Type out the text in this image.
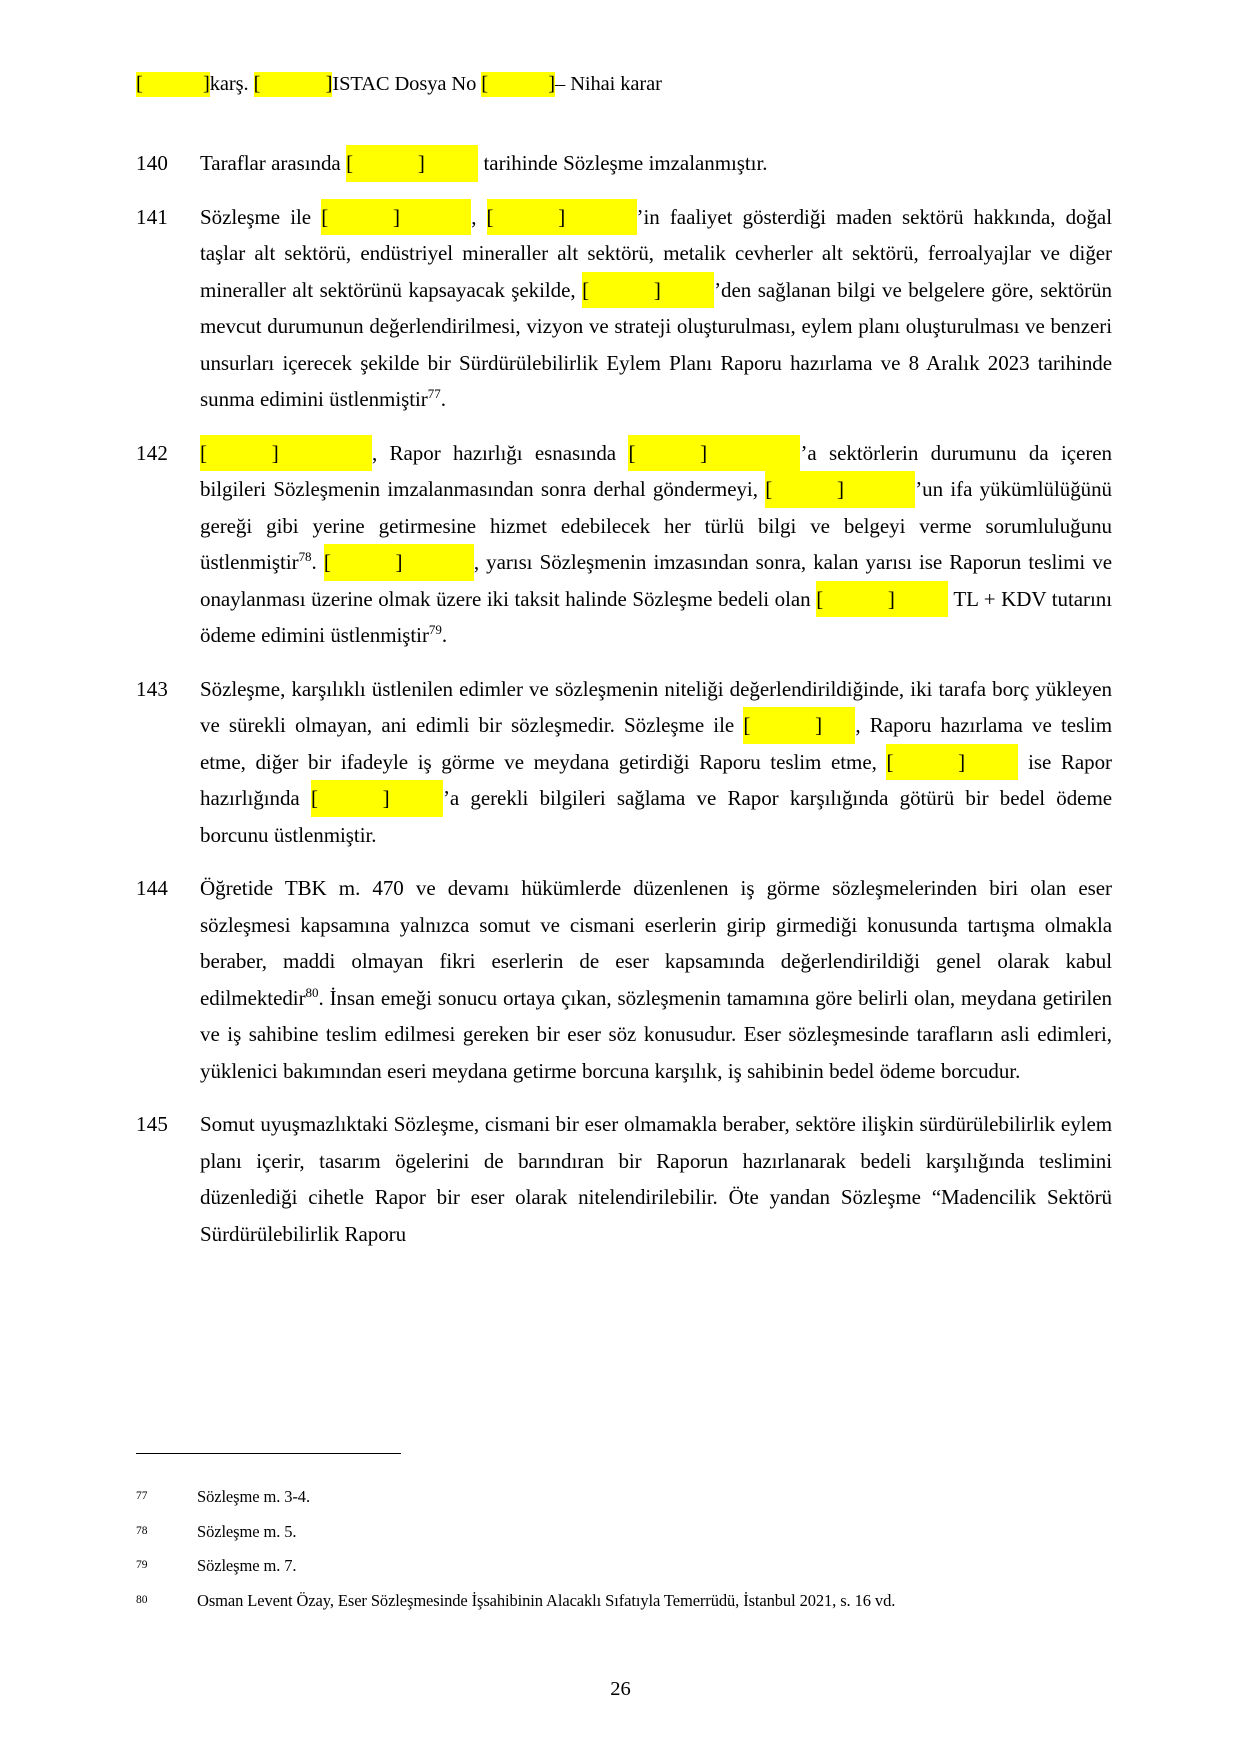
[            ]karş. [             ]ISTAC Dosya No [            ]– Nihai karar
140	Taraflar arasında [            ]	tarihinde Sözleşme imzalanmıştır.
141	Sözleşme ile [            ]	, [            ]	’in faaliyet gösterdiği maden sektörü hakkında, doğal taşlar alt sektörü, endüstriyel mineraller alt sektörü, metalik cevherler alt sektörü, ferroalyajlar ve diğer mineraller alt sektörünü kapsayacak şekilde, [            ]	’den sağlanan bilgi ve belgelere göre, sektörün mevcut durumunun değerlendirilmesi, vizyon ve strateji oluşturulması, eylem planı oluşturulması ve benzeri unsurları içerecek şekilde bir Sürdürülebilirlik Eylem Planı Raporu hazırlama ve 8 Aralık 2023 tarihinde sunma edimini üstlenmiştir$^{77}$.
142	[            ]	, Rapor hazırlığı esnasında [            ]	’a sektörlerin durumunu da içeren bilgileri Sözleşmenin imzalanmasından sonra derhal göndermeyi, [            ]	’un ifa yükümlülüğünü gereği gibi yerine getirmesine hizmet edebilecek her türlü bilgi ve belgeyi verme sorumluluğunu üstlenmiştir$^{78}$. [            ]	, yarısı Sözleşmenin imzasından sonra, kalan yarısı ise Raporun teslimi ve onaylanması üzerine olmak üzere iki taksit halinde Sözleşme bedeli olan [            ]	TL + KDV tutarını ödeme edimini üstlenmiştir$^{79}$.
143	Sözleşme, karşılıklı üstlenilen edimler ve sözleşmenin niteliği değerlendirildiğinde, iki tarafa borç yükleyen ve sürekli olmayan, ani edimli bir sözleşmedir. Sözleşme ile [            ] , Raporu hazırlama ve teslim etme, diğer bir ifadeyle iş görme ve meydana getirdiği Raporu teslim etme, [            ]	ise Rapor hazırlığında [            ]	’a gerekli bilgileri sağlama ve Rapor karşılığında götürü bir bedel ödeme borcunu üstlenmiştir.
144	Öğretide TBK m. 470 ve devamı hükümlerde düzenlenen iş görme sözleşmelerinden biri olan eser sözleşmesi kapsamına yalnızca somut ve cismani eserlerin girip girmediği konusunda tartışma olmakla beraber, maddi olmayan fikri eserlerin de eser kapsamında değerlendirildiği genel olarak kabul edilmektedir$^{80}$. İnsan emeği sonucu ortaya çıkan, sözleşmenin tamamına göre belirli olan, meydana getirilen ve iş sahibine teslim edilmesi gereken bir eser söz konusudur. Eser sözleşmesinde tarafların asli edimleri, yüklenici bakımından eseri meydana getirme borcuna karşılık, iş sahibinin bedel ödeme borcudur.
145	Somut uyuşmazlıktaki Sözleşme, cismani bir eser olmamakla beraber, sektöre ilişkin sürdürülebilirlik eylem planı içerir, tasarım ögelerini de barındıran bir Raporun hazırlanarak bedeli karşılığında teslimini düzenlediği cihetle Rapor bir eser olarak nitelendirilebilir. Öte yandan Sözleşme “Madencilik Sektörü Sürdürülebilirlik Raporu
77	Sözleşme m. 3-4.
78	Sözleşme m. 5.
79	Sözleşme m. 7.
80	Osman Levent Özay, Eser Sözleşmesinde İşsahibinin Alacaklı Sıfatıyla Temerrüdü, İstanbul 2021, s. 16 vd.
26
